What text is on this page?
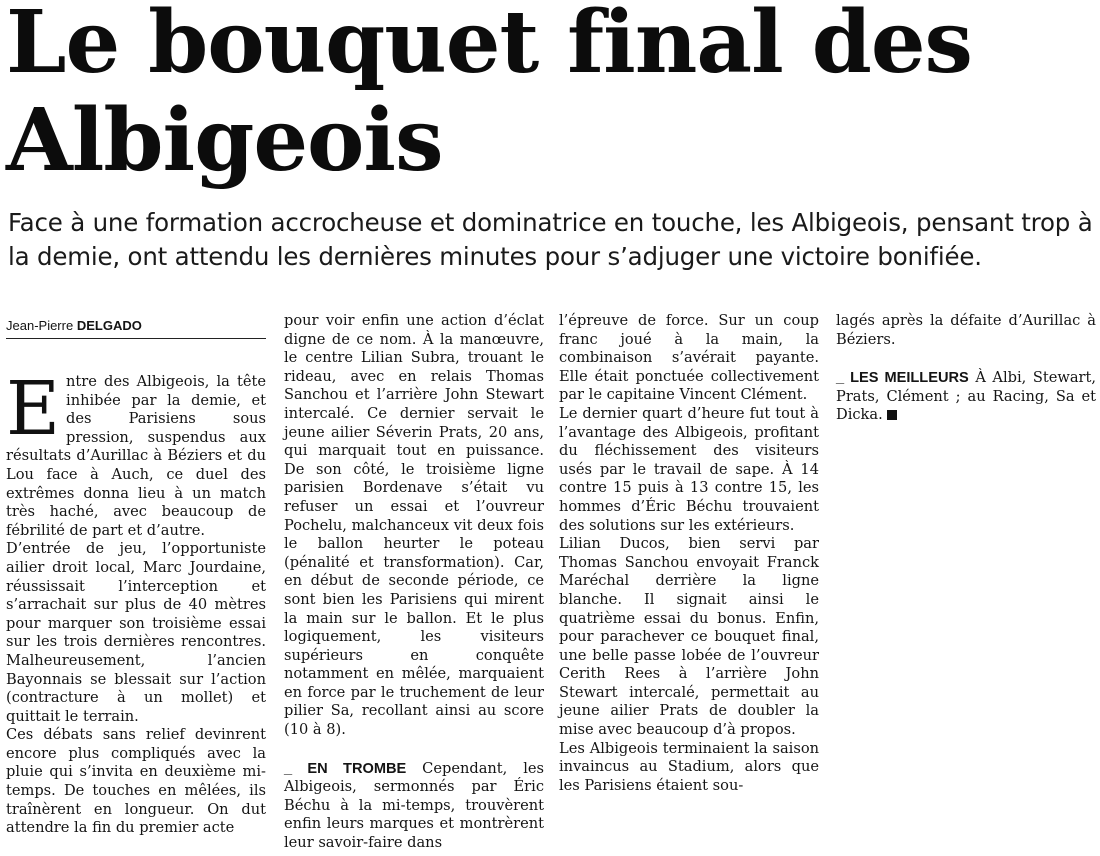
Le bouquet final des Albigeois

Face à une formation accrocheuse et dominatrice en touche, les Albigeois, pensant trop à la demie, ont attendu les dernières minutes pour s’adjuger une victoire bonifiée.

Jean-Pierre DELGADO

Entre des Albigeois, la tête inhibée par la demie, et des Parisiens sous pression, suspendus aux résultats d’Aurillac à Béziers et du Lou face à Auch, ce duel des extrêmes donna lieu à un match très haché, avec beaucoup de fébrilité de part et d’autre.

D’entrée de jeu, l’opportuniste ailier droit local, Marc Jourdaine, réussissait l’interception et s’arrachait sur plus de 40 mètres pour marquer son troisième essai sur les trois dernières rencontres. Malheureusement, l’ancien Bayonnais se blessait sur l’action (contracture à un mollet) et quittait le terrain.

Ces débats sans relief devinrent encore plus compliqués avec la pluie qui s’invita en deuxième mi-temps. De touches en mêlées, ils traînèrent en longueur. On dut attendre la fin du premier acte

pour voir enfin une action d’éclat digne de ce nom. À la manœuvre, le centre Lilian Subra, trouant le rideau, avec en relais Thomas Sanchou et l’arrière John Stewart intercalé. Ce dernier servait le jeune ailier Séverin Prats, 20 ans, qui marquait tout en puissance. De son côté, le troisième ligne parisien Bordenave s’était vu refuser un essai et l’ouvreur Pochelu, malchanceux vit deux fois le ballon heurter le poteau (pénalité et transformation). Car, en début de seconde période, ce sont bien les Parisiens qui mirent la main sur le ballon. Et le plus logiquement, les visiteurs supérieurs en conquête notamment en mêlée, marquaient en force par le truchement de leur pilier Sa, recollant ainsi au score (10 à 8).

_ EN TROMBE Cependant, les Albigeois, sermonnés par Éric Béchu à la mi-temps, trouvèrent enfin leurs marques et montrèrent leur savoir-faire dans

l’épreuve de force. Sur un coup franc joué à la main, la combinaison s’avérait payante. Elle était ponctuée collectivement par le capitaine Vincent Clément.

Le dernier quart d’heure fut tout à l’avantage des Albigeois, profitant du fléchissement des visiteurs usés par le travail de sape. À 14 contre 15 puis à 13 contre 15, les hommes d’Éric Béchu trouvaient des solutions sur les extérieurs.

Lilian Ducos, bien servi par Thomas Sanchou envoyait Franck Maréchal derrière la ligne blanche. Il signait ainsi le quatrième essai du bonus. Enfin, pour parachever ce bouquet final, une belle passe lobée de l’ouvreur Cerith Rees à l’arrière John Stewart intercalé, permettait au jeune ailier Prats de doubler la mise avec beaucoup d’à propos.

Les Albigeois terminaient la saison invaincus au Stadium, alors que les Parisiens étaient sou-

lagés après la défaite d’Aurillac à Béziers.

_ LES MEILLEURS À Albi, Stewart, Prats, Clément ; au Racing, Sa et Dicka.
